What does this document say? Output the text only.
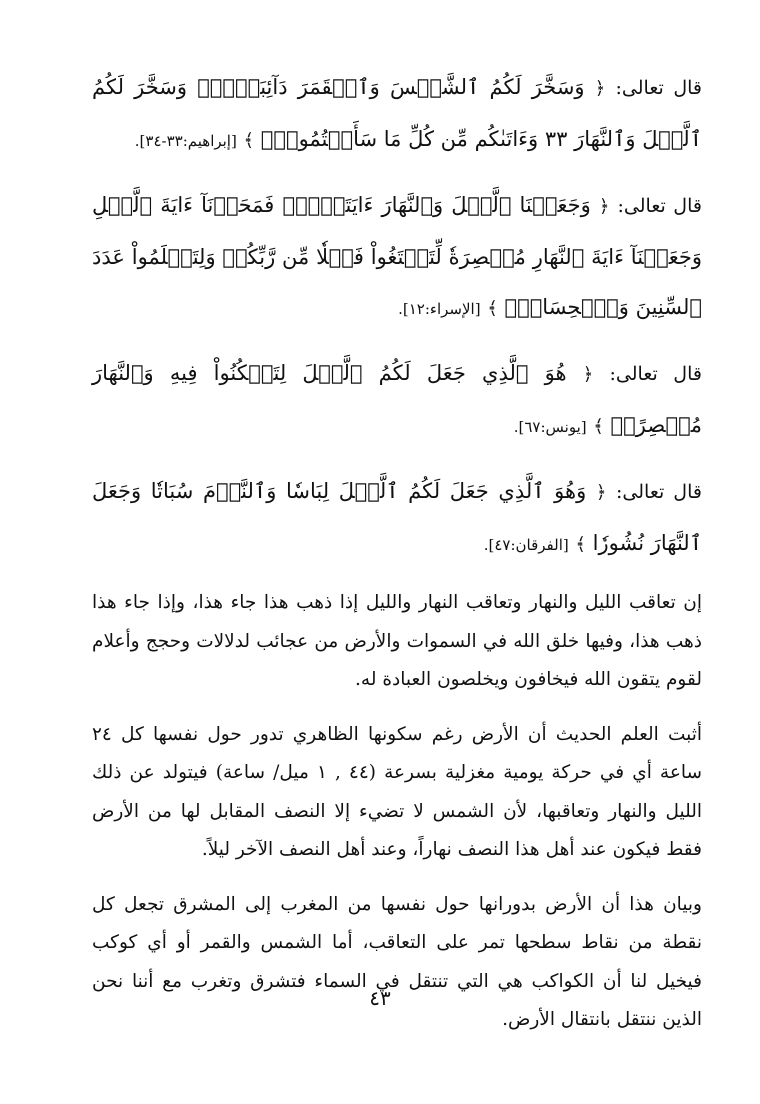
قال تعالى: ﴿ وَسَخَّرَ لَكُمُ ٱلشَّمۡسَ وَٱلۡقَمَرَ دَآئِبَيۡنِۖ وَسَخَّرَ لَكُمُ ٱلَّيۡلَ وَٱلنَّهَارَ ٣٣ وَءَاتَىٰكُم مِّن كُلِّ مَا سَأَلۡتُمُوهُۚ ﴾ [إبراهيم:٣٣-٣٤].

قال تعالى: ﴿ وَجَعَلۡنَا ٱلَّيۡلَ وَٱلنَّهَارَ ءَايَتَيۡنِۖ فَمَحَوۡنَآ ءَايَةَ ٱلَّيۡلِ وَجَعَلۡنَآ ءَايَةَ ٱلنَّهَارِ مُبۡصِرَةٗ لِّتَبۡتَغُواْ فَضۡلٗا مِّن رَّبِّكُمۡ وَلِتَعۡلَمُواْ عَدَدَ ٱلسِّنِينَ وَٱلۡحِسَابَۚ ﴾ [الإسراء:١٢].

قال تعالى: ﴿ هُوَ ٱلَّذِي جَعَلَ لَكُمُ ٱلَّيۡلَ لِتَسۡكُنُواْ فِيهِ وَٱلنَّهَارَ مُبۡصِرًاۚ ﴾ [يونس:٦٧].

قال تعالى: ﴿ وَهُوَ ٱلَّذِي جَعَلَ لَكُمُ ٱلَّيۡلَ لِبَاسٗا وَٱلنَّوۡمَ سُبَاتٗا وَجَعَلَ ٱلنَّهَارَ نُشُورٗا ﴾ [الفرقان:٤٧].

إن تعاقب الليل والنهار وتعاقب النهار والليل إذا ذهب هذا جاء هذا، وإذا جاء هذا ذهب هذا، وفيها خلق الله في السموات والأرض من عجائب لدلالات وحجج وأعلام لقوم يتقون الله فيخافون ويخلصون العبادة له.

أثبت العلم الحديث أن الأرض رغم سكونها الظاهري تدور حول نفسها كل ٢٤ ساعة أي في حركة يومية مغزلية بسرعة (٤٤ , ١ ميل/ ساعة) فيتولد عن ذلك الليل والنهار وتعاقبها، لأن الشمس لا تضيء إلا النصف المقابل لها من الأرض فقط فيكون عند أهل هذا النصف نهاراً، وعند أهل النصف الآخر ليلاً.

وبيان هذا أن الأرض بدورانها حول نفسها من المغرب إلى المشرق تجعل كل نقطة من نقاط سطحها تمر على التعاقب، أما الشمس والقمر أو أي كوكب فيخيل لنا أن الكواكب هي التي تنتقل في السماء فتشرق وتغرب مع أننا نحن الذين ننتقل بانتقال الأرض.

٤٣
